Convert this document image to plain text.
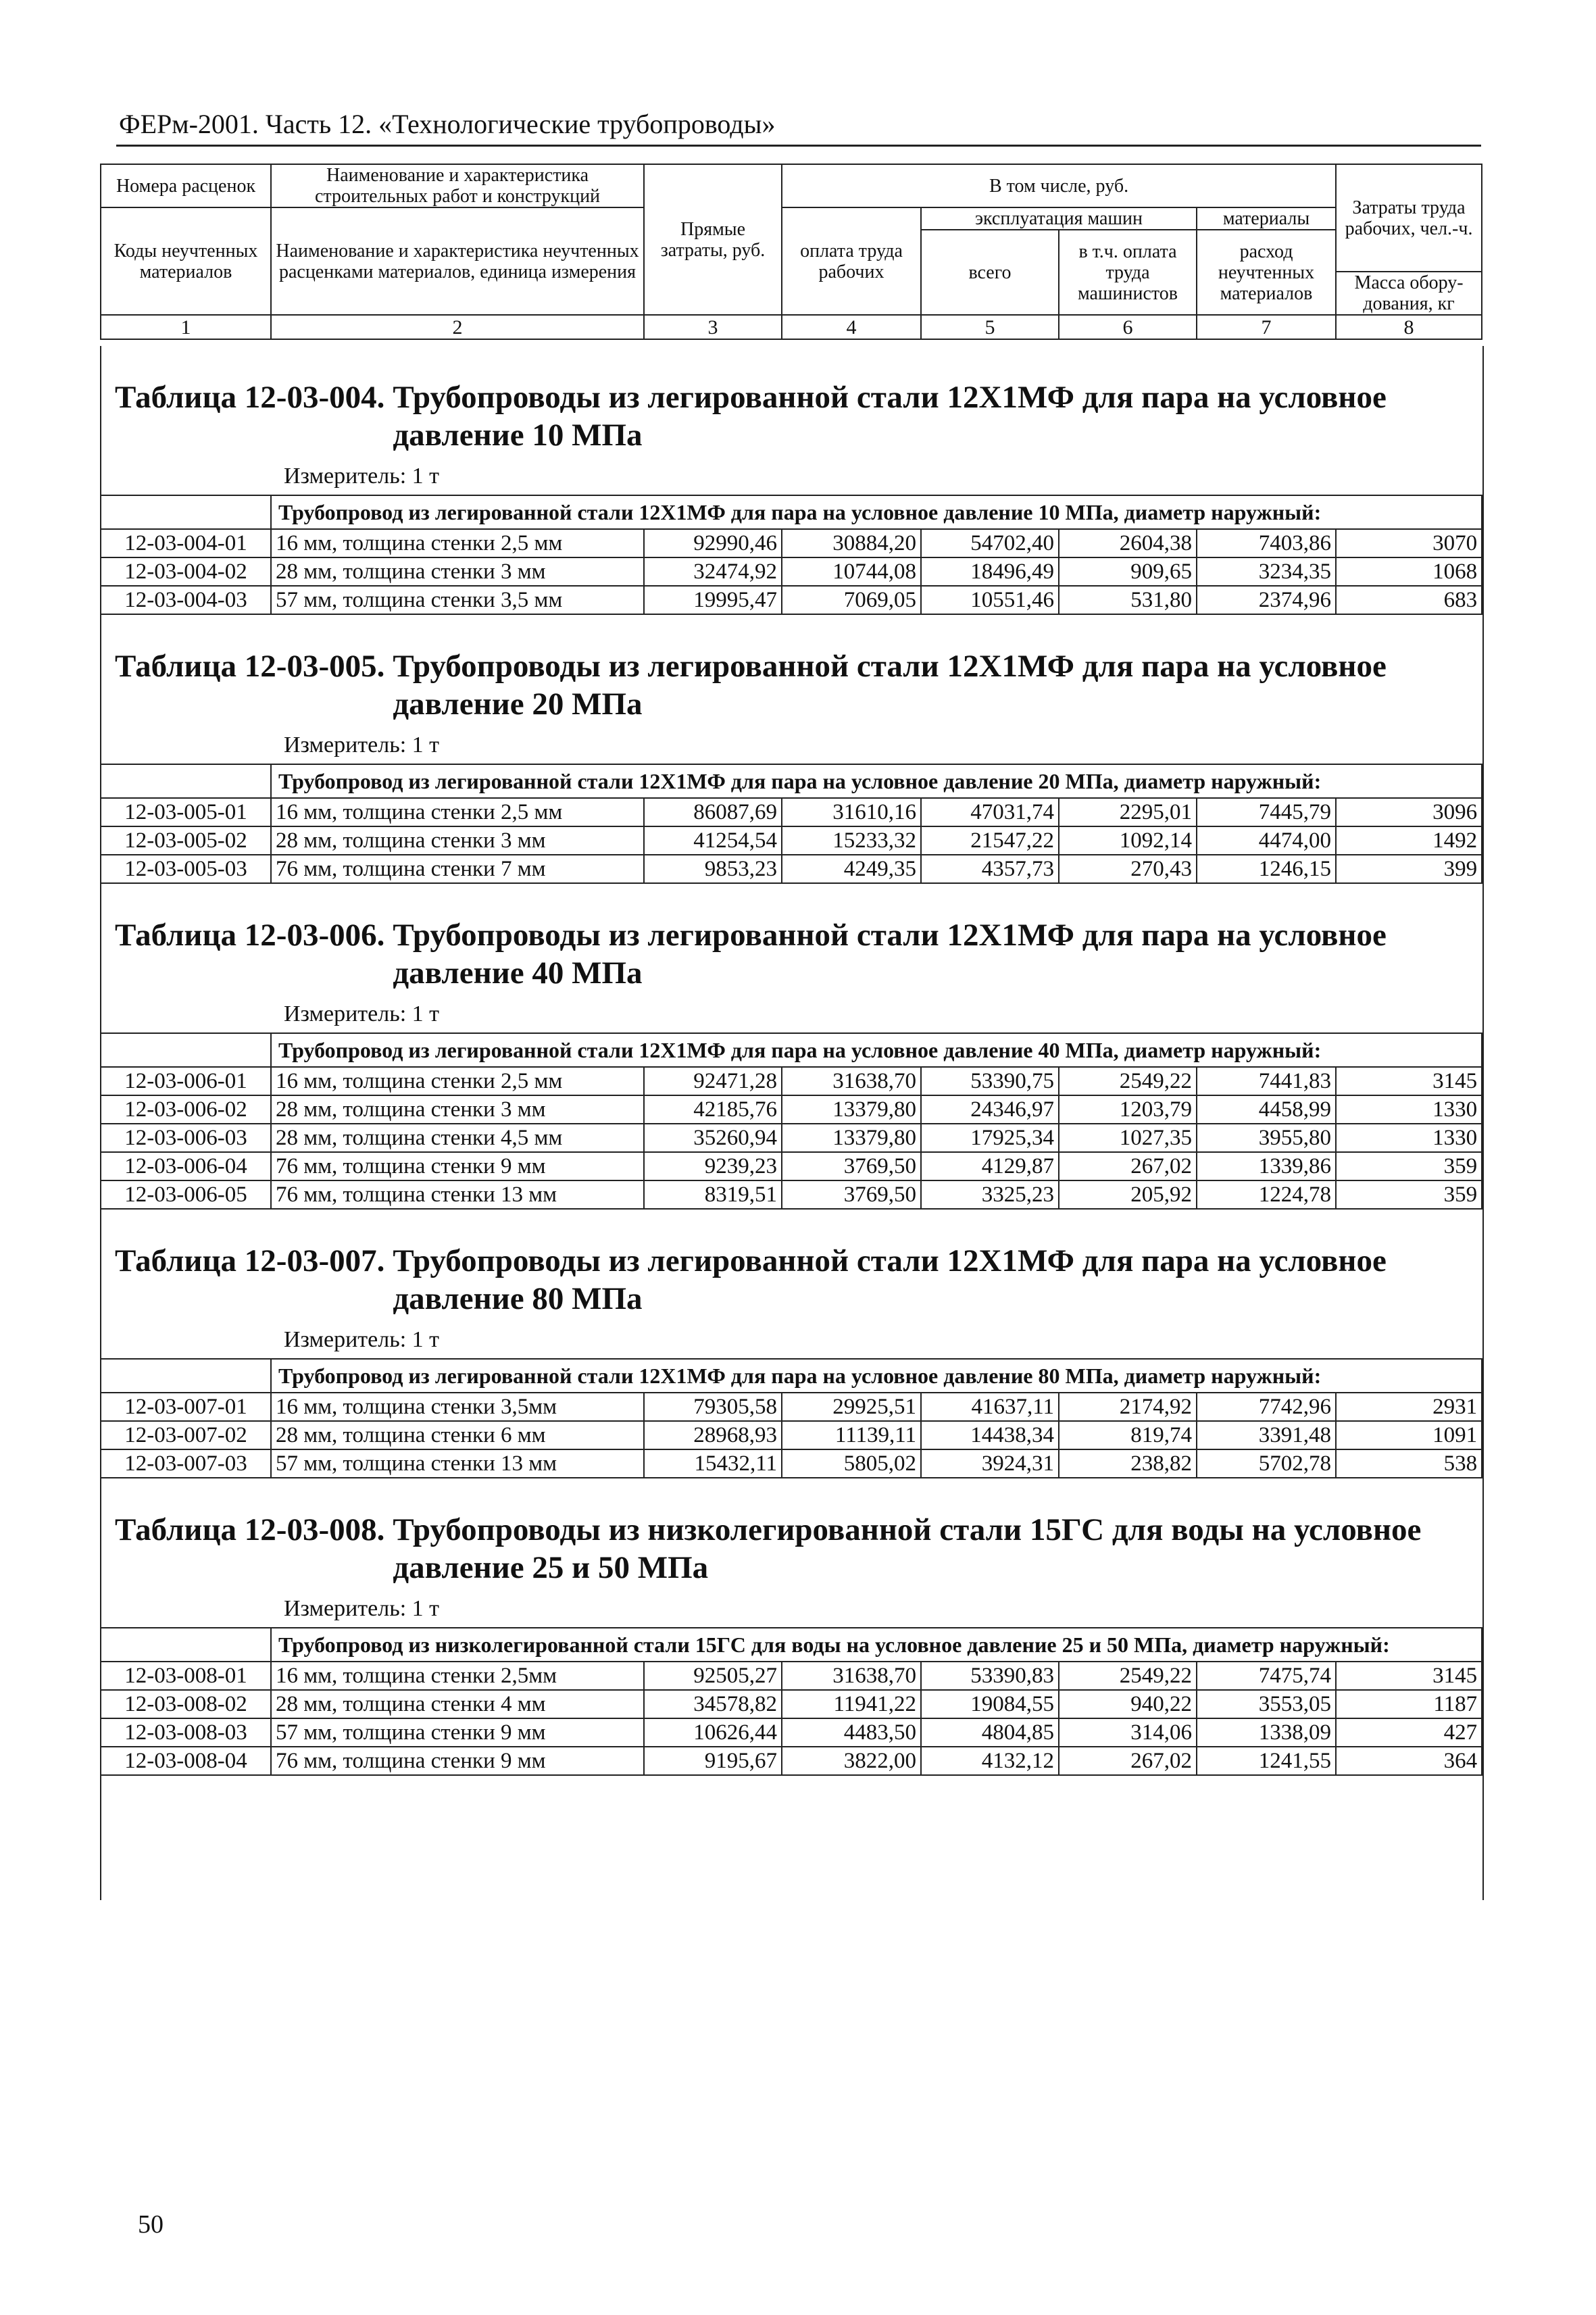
ФЕРм-2001. Часть 12. «Технологические трубопроводы»
Номера расценок	Наименование и характеристика строительных работ и конструкций	Прямые затраты, руб.	В том числе, руб.				Затраты труда рабочих, чел.-ч.
Коды неучтенных материалов	Наименование и характеристика неучтенных расценками материалов, единица измерения		оплата труда рабочих	эксплуатация машин		материалы	
				всего	в т.ч. оплата труда машинистов	расход неучтенных материалов	
							Масса обору-дования, кг
1	2	3	4	5	6	7	8
Таблица 12-03-004. Трубопроводы из легированной стали 12Х1МФ для пара на условное давление 10 МПа
Измеритель: 1 т
	Трубопровод из легированной стали 12Х1МФ для пара на условное давление 10 МПа, диаметр наружный:						
12-03-004-01	16 мм, толщина стенки 2,5 мм	92990,46	30884,20	54702,40	2604,38	7403,86	3070
12-03-004-02	28 мм, толщина стенки 3 мм	32474,92	10744,08	18496,49	909,65	3234,35	1068
12-03-004-03	57 мм, толщина стенки 3,5 мм	19995,47	7069,05	10551,46	531,80	2374,96	683
Таблица 12-03-005. Трубопроводы из легированной стали 12Х1МФ для пара на условное давление 20 МПа
Измеритель: 1 т
	Трубопровод из легированной стали 12Х1МФ для пара на условное давление 20 МПа, диаметр наружный:						
12-03-005-01	16 мм, толщина стенки 2,5 мм	86087,69	31610,16	47031,74	2295,01	7445,79	3096
12-03-005-02	28 мм, толщина стенки 3 мм	41254,54	15233,32	21547,22	1092,14	4474,00	1492
12-03-005-03	76 мм, толщина стенки 7 мм	9853,23	4249,35	4357,73	270,43	1246,15	399
Таблица 12-03-006. Трубопроводы из легированной стали 12Х1МФ для пара на условное давление 40 МПа
Измеритель: 1 т
	Трубопровод из легированной стали 12Х1МФ для пара на условное давление 40 МПа, диаметр наружный:						
12-03-006-01	16 мм, толщина стенки 2,5 мм	92471,28	31638,70	53390,75	2549,22	7441,83	3145
12-03-006-02	28 мм, толщина стенки 3 мм	42185,76	13379,80	24346,97	1203,79	4458,99	1330
12-03-006-03	28 мм, толщина стенки 4,5 мм	35260,94	13379,80	17925,34	1027,35	3955,80	1330
12-03-006-04	76 мм, толщина стенки 9 мм	9239,23	3769,50	4129,87	267,02	1339,86	359
12-03-006-05	76 мм, толщина стенки 13 мм	8319,51	3769,50	3325,23	205,92	1224,78	359
Таблица 12-03-007. Трубопроводы из легированной стали 12Х1МФ для пара на условное давление 80 МПа
Измеритель: 1 т
	Трубопровод из легированной стали 12Х1МФ для пара на условное давление 80 МПа, диаметр наружный:						
12-03-007-01	16 мм, толщина стенки 3,5мм	79305,58	29925,51	41637,11	2174,92	7742,96	2931
12-03-007-02	28 мм, толщина стенки 6 мм	28968,93	11139,11	14438,34	819,74	3391,48	1091
12-03-007-03	57 мм, толщина стенки 13 мм	15432,11	5805,02	3924,31	238,82	5702,78	538
Таблица 12-03-008. Трубопроводы из низколегированной стали 15ГС для воды на условное давление 25 и 50 МПа
Измеритель: 1 т
	Трубопровод из низколегированной стали 15ГС для воды на условное давление 25 и 50 МПа, диаметр наружный:						
12-03-008-01	16 мм, толщина стенки 2,5мм	92505,27	31638,70	53390,83	2549,22	7475,74	3145
12-03-008-02	28 мм, толщина стенки 4 мм	34578,82	11941,22	19084,55	940,22	3553,05	1187
12-03-008-03	57 мм, толщина стенки 9 мм	10626,44	4483,50	4804,85	314,06	1338,09	427
12-03-008-04	76 мм, толщина стенки 9 мм	9195,67	3822,00	4132,12	267,02	1241,55	364
50
